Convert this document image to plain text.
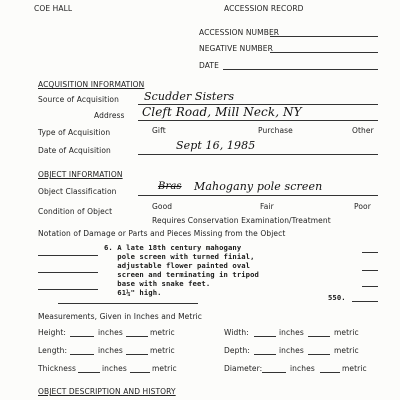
COE HALL	ACCESSION RECORD
ACCESSION NUMBER
NEGATIVE NUMBER
DATE
ACQUISITION INFORMATION
Source of Acquisition Scudder Sisters
Address Cleft Road, Mill Neck, NY
Type of Acquisition	Gift	Purchase	Other
Date of Acquisition	Sept 16, 1985
OBJECT INFORMATION
Object Classification	Bras Mahogany pole screen
Condition of Object
Good	Fair	Poor
Requires Conservation Examination/Treatment
Notation of Damage or Parts and Pieces Missing from the Object
6. A late 18th century mahogany
pole screen with turned finial,
adjustable flower painted oval
screen and terminating in tripod
base with snake feet.
61¼" high.
550.
Measurements, Given in Inches and Metric
Height:	inches	metric	Width:	inches	metric
Length:	inches	metric	Depth:	inches	metric
Thickness	inches	metric	Diameter:	inches	metric
OBJECT DESCRIPTION AND HISTORY
